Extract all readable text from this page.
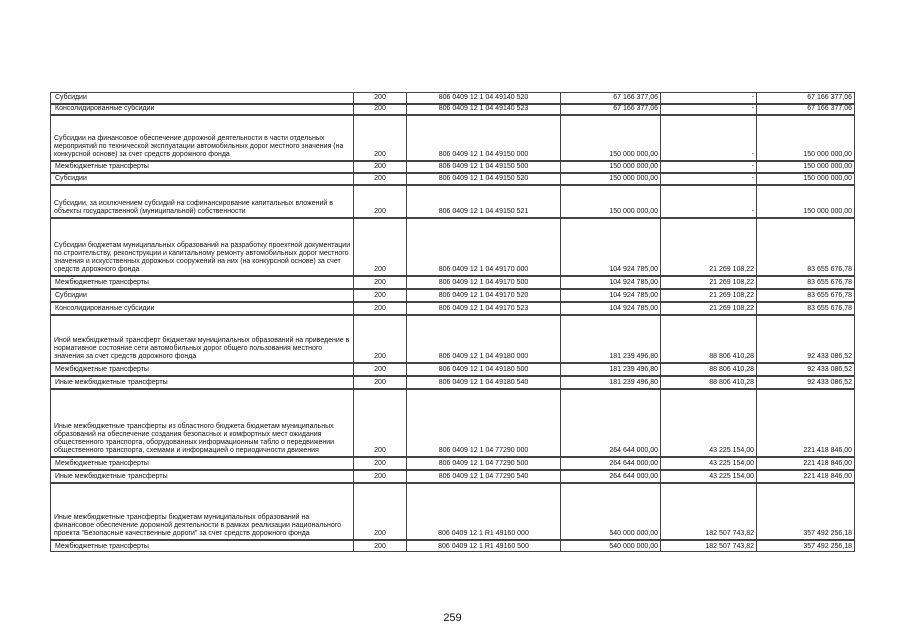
Субсидии	200	806 0409 12 1 04 49140 520	67 166 377,06	-	67 166 377,06
Консолидированные субсидии	200	806 0409 12 1 04 49140 523	67 166 377,06	-	67 166 377,06
Субсидии на финансовое обеспечение дорожной деятельности в части отдельных мероприятий по технической эксплуатации автомобильных дорог местного значения (на конкурсной основе) за счет средств дорожного фонда	200	806 0409 12 1 04 49150 000	150 000 000,00	-	150 000 000,00
Межбюджетные трансферты	200	806 0409 12 1 04 49150 500	150 000 000,00	-	150 000 000,00
Субсидии	200	806 0409 12 1 04 49150 520	150 000 000,00	-	150 000 000,00
Субсидии, за исключением субсидий на софинансирование капитальных вложений в объекты государственной (муниципальной) собственности	200	806 0409 12 1 04 49150 521	150 000 000,00	-	150 000 000,00
Субсидии бюджетам муниципальных образований на разработку проектной документации по строительству, реконструкции и капитальному ремонту автомобильных дорог местного значения и искусственных дорожных сооружений на них (на конкурсной основе) за счет средств дорожного фонда	200	806 0409 12 1 04 49170 000	104 924 785,00	21 269 108,22	83 655 676,78
Межбюджетные трансферты	200	806 0409 12 1 04 49170 500	104 924 785,00	21 269 108,22	83 655 676,78
Субсидии	200	806 0409 12 1 04 49170 520	104 924 785,00	21 269 108,22	83 655 676,78
Консолидированные субсидии	200	806 0409 12 1 04 49170 523	104 924 785,00	21 269 108,22	83 655 676,78
Иной межбюджетный трансферт бюджетам муниципальных образований на приведение в нормативное состояние сети автомобильных дорог общего пользования местного значения за счет средств дорожного фонда	200	806 0409 12 1 04 49180 000	181 239 496,80	88 806 410,28	92 433 086,52
Межбюджетные трансферты	200	806 0409 12 1 04 49180 500	181 239 496,80	88 806 410,28	92 433 086,52
Иные межбюджетные трансферты	200	806 0409 12 1 04 49180 540	181 239 496,80	88 806 410,28	92 433 086,52
Иные межбюджетные трансферты из областного бюджета бюджетам муниципальных образований на обеспечение создания безопасных и комфортных мест ожидания общественного транспорта, оборудованных информационным табло о передвижении общественного транспорта, схемами и информацией о периодичности движения	200	806 0409 12 1 04 77290 000	264 644 000,00	43 225 154,00	221 418 846,00
Межбюджетные трансферты	200	806 0409 12 1 04 77290 500	264 644 000,00	43 225 154,00	221 418 846,00
Иные межбюджетные трансферты	200	806 0409 12 1 04 77290 540	264 644 000,00	43 225 154,00	221 418 846,00
Иные межбюджетные трансферты бюджетам муниципальных образований на финансовое обеспечение дорожной деятельности в рамках реализации национального проекта "Безопасные качественные дороги" за счет средств дорожного фонда	200	806 0409 12 1 R1 49160 000	540 000 000,00	182 507 743,82	357 492 256,18
Межбюджетные трансферты	200	806 0409 12 1 R1 49160 500	540 000 000,00	182 507 743,82	357 492 256,18
259
